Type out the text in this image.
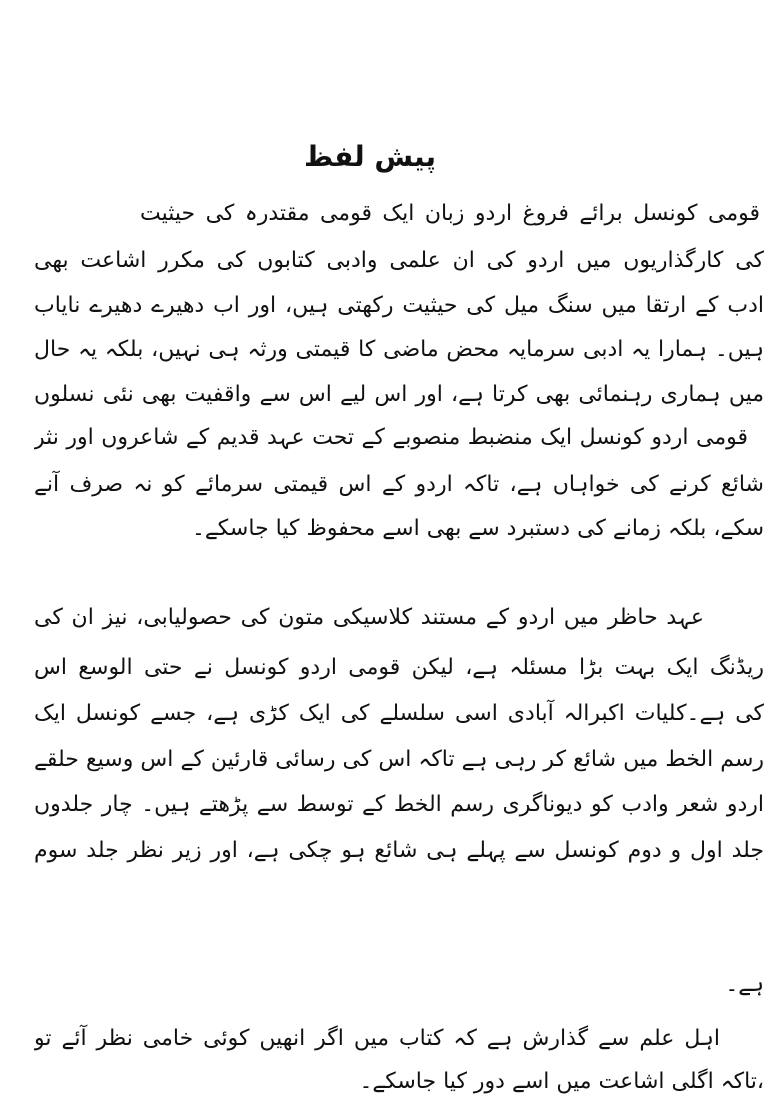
پیش لفظ
قومی کونسل برائے فروغ اردو زبان ایک قومی مقتدرہ کی حیثیت
کی کارگذاریوں میں اردو کی ان علمی وادبی کتابوں کی مکرر اشاعت بھی
ادب کے ارتقا میں سنگ میل کی حیثیت رکھتی ہیں، اور اب دھیرے دھیرے نایاب
ہیں۔ ہمارا یہ ادبی سرمایہ محض ماضی کا قیمتی ورثہ ہی نہیں، بلکہ یہ حال
میں ہماری رہنمائی بھی کرتا ہے، اور اس لیے اس سے واقفیت بھی نئی نسلوں
قومی اردو کونسل ایک منضبط منصوبے کے تحت عہد قدیم کے شاعروں اور نثر
شائع کرنے کی خواہاں ہے، تاکہ اردو کے اس قیمتی سرمائے کو نہ صرف آنے
سکے، بلکہ زمانے کی دستبرد سے بھی اسے محفوظ کیا جاسکے۔
عہد حاظر میں اردو کے مستند کلاسیکی متون کی حصولیابی، نیز ان کی
ریڈنگ ایک بہت بڑا مسئلہ ہے، لیکن قومی اردو کونسل نے حتی الوسع اس
کی ہے۔کلیات اکبرالہ آبادی اسی سلسلے کی ایک کڑی ہے، جسے کونسل ایک
رسم الخط میں شائع کر رہی ہے تاکہ اس کی رسائی قارئین کے اس وسیع حلقے
اردو شعر وادب کو دیوناگری رسم الخط کے توسط سے پڑھتے ہیں۔ چار جلدوں
جلد اول و دوم کونسل سے پہلے ہی شائع ہو چکی ہے، اور زیر نظر جلد سوم
ہے۔
اہل علم سے گذارش ہے کہ کتاب میں اگر انھیں کوئی خامی نظر آئے تو
،تاکہ اگلی اشاعت میں اسے دور کیا جاسکے۔
